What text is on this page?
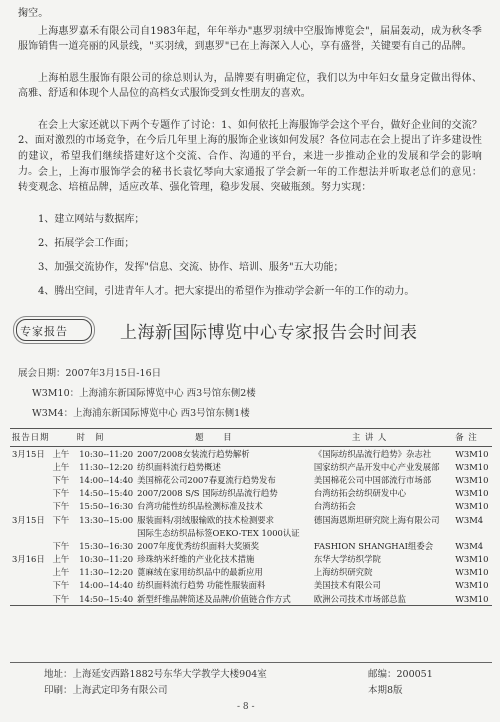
掬空。
上海惠罗嘉禾有限公司自1983年起，年年举办"惠罗羽绒中空服饰博览会"，届届轰动，成为秋冬季服饰销售一道亮丽的风景线，"买羽绒，到惠罗"已在上海深入人心，享有盛誉，关键要有自己的品牌。
上海柏恩生服饰有限公司的徐总则认为，品牌要有明确定位，我们以为中年妇女量身定做出得体、高雅、舒适和体现个人品位的高档女式服饰受到女性朋友的喜欢。
在会上大家还就以下两个专题作了讨论：1、如何依托上海服饰学会这个平台，做好企业间的交流？2、面对激烈的市场竞争，在今后几年里上海的服饰企业该如何发展？各位同志在会上提出了许多建设性的建议，希望我们继续搭建好这个交流、合作、沟通的平台，来进一步推动企业的发展和学会的影响力。 会上，上海市服饰学会的秘书长袁忆琴向大家通报了学会新一年的工作想法并听取老总们的意见：转变观念、培植品牌，适应改革、强化管理，稳步发展、突破瓶颈。努力实现：
1、建立网站与数据库；
2、拓展学会工作面；
3、加强交流协作，发挥"信息、交流、协作、培训、服务"五大功能；
4、腾出空间，引进青年人才。把大家提出的希望作为推动学会新一年的工作的动力。
专家报告	上海新国际博览中心专家报告会时间表
展会日期：2007年3月15日-16日
W3M10：上海浦东新国际博览中心 西3号馆东侧2楼
W3M4：上海浦东新国际博览中心 西3号馆东侧1楼
报告日期	时　间		题　　目	主 讲 人	备 注
3月15日	上午	10:30--11:20	2007/2008女装流行趋势解析	《国际纺织品流行趋势》杂志社	W3M10
	上午	11:30--12:20	纺织面料流行趋势概述	国家纺织产品开发中心产业发展部	W3M10
	下午	14:00--14:40	美国棉花公司2007春夏流行趋势发布	美国棉花公司中国部流行市场部	W3M10
	下午	14:50--15:40	2007/2008 S/S 国际纺织品流行趋势	台湾纺拓会纺织研发中心	W3M10
	下午	15:50--16:30	台湾功能性纺织品检测标准及技术	台湾纺拓会	W3M10
3月15日	下午	13:30--15:00	服装面料/羽绒服输欧的技术检测要求	德国海恩斯坦研究院上海有限公司	W3M4
			国际生态纺织品标签OEKO-TEX 1000认证		
	下午	15:30--16:30	2007年度优秀纺织面料大奖颁奖	FASHION SHANGHAI组委会	W3M4
3月16日	上午	10:30--11:20	珍珠纳米纤维的产业化技术措施	东华大学纺织学院	W3M10
	上午	11:30--12:20	蓖麻绒在家用纺织品中的最新应用	上海纺织研究院	W3M10
	下午	14:00--14:40	纺织面料流行趋势 功能性服装面料	美国技术有限公司	W3M10
	下午	14:50--15:40	新型纤维品牌简述及品牌/价值链合作方式	欧洲公司技术市场部总监	W3M10
地址：上海延安西路1882号东华大学教学大楼904室
印刷：上海武定印务有限公司
邮编：200051
本期8版
- 8 -
